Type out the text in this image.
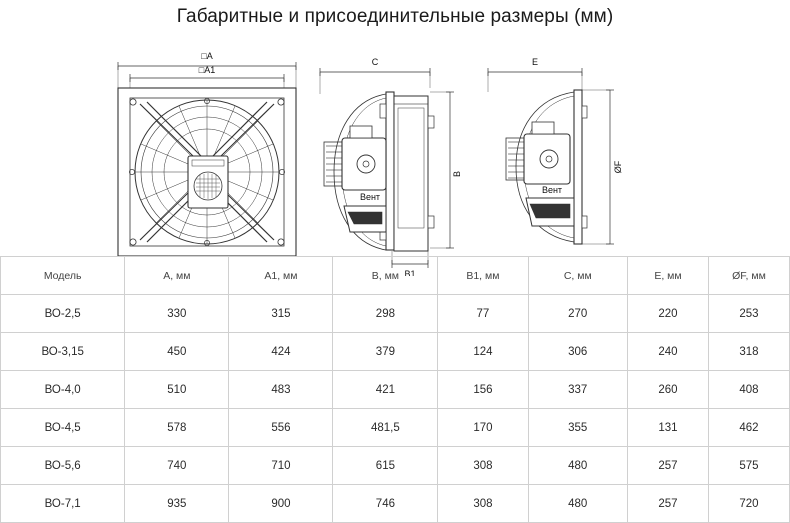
Габаритные и присоединительные размеры (мм)
□A
□A1
C
B
B1
Вент
E
ØF
Вент
Модель	A, мм	A1, мм	B, мм	B1, мм	C, мм	E, мм	ØF, мм
ВО-2,5	330	315	298	77	270	220	253
ВО-3,15	450	424	379	124	306	240	318
ВО-4,0	510	483	421	156	337	260	408
ВО-4,5	578	556	481,5	170	355	131	462
ВО-5,6	740	710	615	308	480	257	575
ВО-7,1	935	900	746	308	480	257	720
